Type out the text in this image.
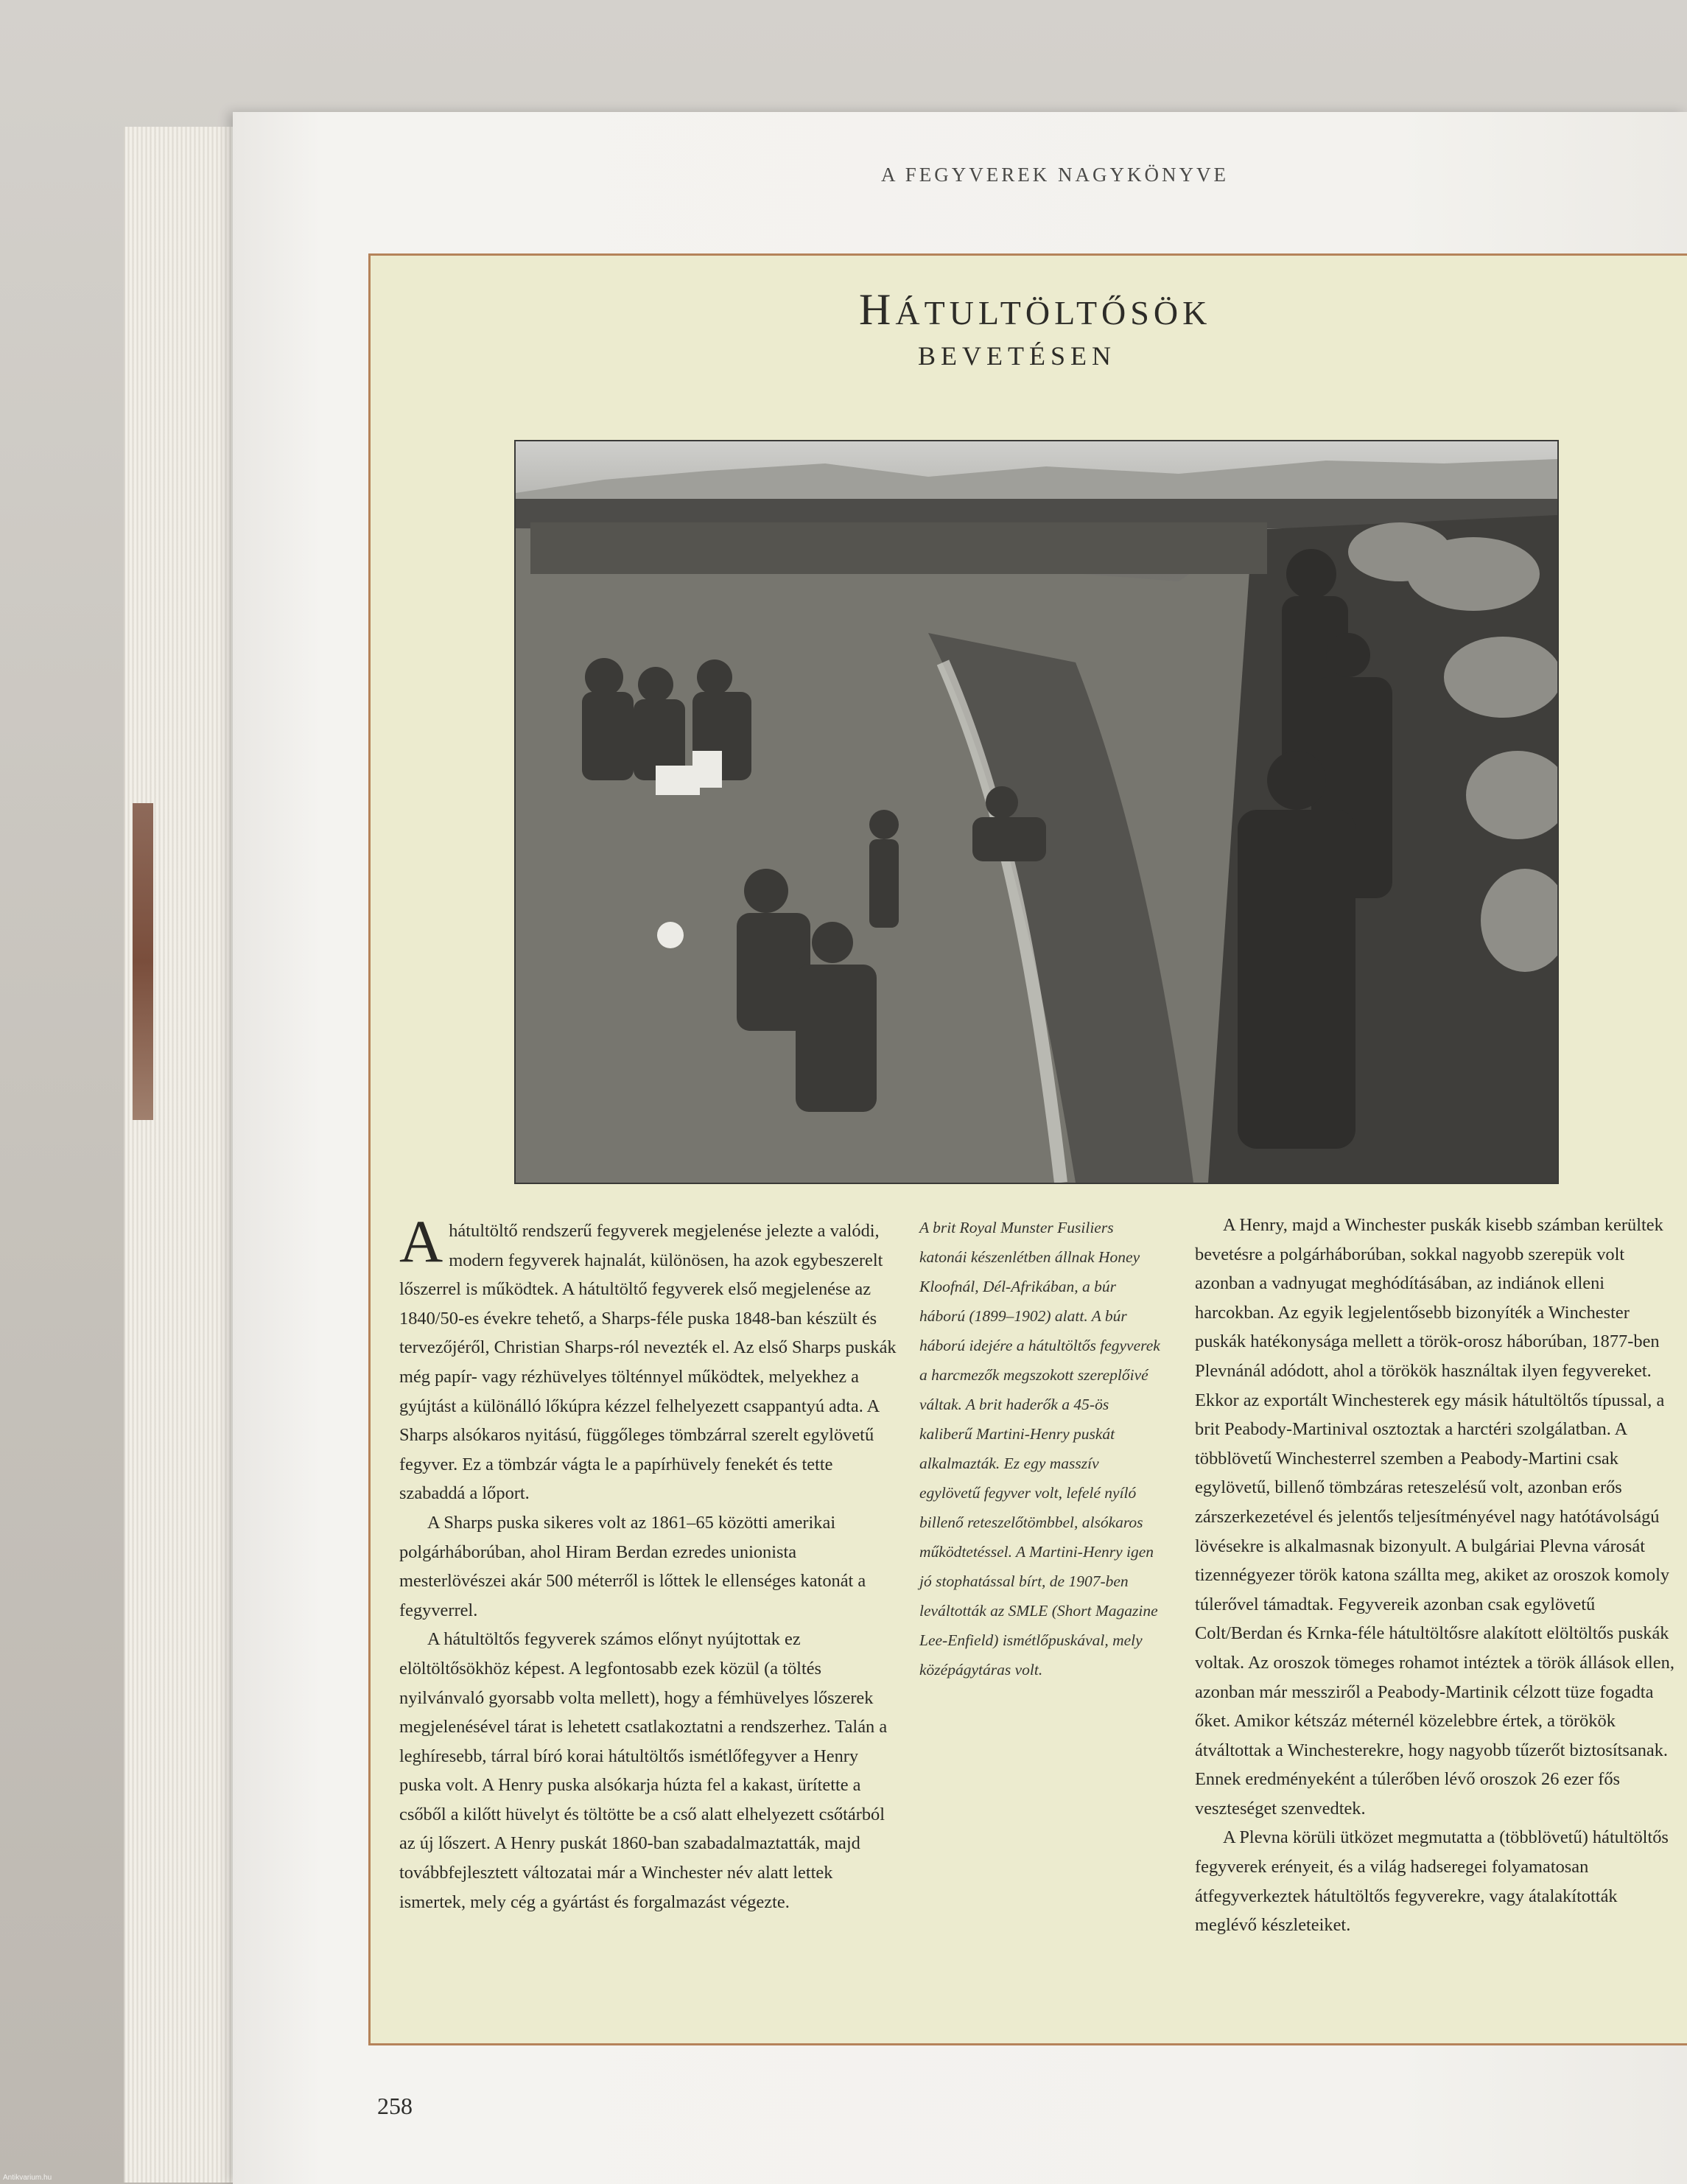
A FEGYVEREK NAGYKÖNYVE
HÁTULTÖLTŐSÖK
BEVETÉSEN

Ahátultöltő rendszerű fegyverek megjelenése jelezte a valódi, modern fegyverek hajnalát, különösen, ha azok egybeszerelt lőszerrel is működtek. A hátultöltő fegyverek első megjelenése az 1840/50-es évekre tehető, a Sharps-féle puska 1848-ban készült és tervezőjéről, Christian Sharps-ról nevezték el. Az első Sharps puskák még papír- vagy rézhüvelyes tölténnyel működtek, melyekhez a gyújtást a különálló lőkúpra kézzel felhelyezett csappantyú adta. A Sharps alsókaros nyitású, függőleges tömbzárral szerelt egylövetű fegyver. Ez a tömbzár vágta le a papírhüvely fenekét és tette szabaddá a lőport.

A Sharps puska sikeres volt az 1861–65 közötti amerikai polgárháborúban, ahol Hiram Berdan ezredes unionista mesterlövészei akár 500 méterről is lőttek le ellenséges katonát a fegyverrel.

A hátultöltős fegyverek számos előnyt nyújtottak ez elöltöltősökhöz képest. A legfontosabb ezek közül (a töltés nyilvánvaló gyorsabb volta mellett), hogy a fémhüvelyes lőszerek megjelenésével tárat is lehetett csatlakoztatni a rendszerhez. Talán a leghíresebb, tárral bíró korai hátultöltős ismétlőfegyver a Henry puska volt. A Henry puska alsókarja húzta fel a kakast, ürítette a csőből a kilőtt hüvelyt és töltötte be a cső alatt elhelyezett csőtárból az új lőszert. A Henry puskát 1860-ban szabadalmaztatták, majd továbbfejlesztett változatai már a Winchester név alatt lettek ismertek, mely cég a gyártást és forgalmazást végezte.

A brit Royal Munster Fusiliers katonái készenlétben állnak Honey Kloofnál, Dél-Afrikában, a búr háború (1899–1902) alatt. A búr háború idejére a hátultöltős fegyverek a harcmezők megszokott szereplőivé váltak. A brit haderők a 45-ös kaliberű Martini-Henry puskát alkalmazták. Ez egy masszív egylövetű fegyver volt, lefelé nyíló billenő reteszelőtömbbel, alsókaros működtetéssel. A Martini-Henry igen jó stophatással bírt, de 1907-ben leváltották az SMLE (Short Magazine Lee-Enfield) ismétlőpuskával, mely középágytáras volt.

A Henry, majd a Winchester puskák kisebb számban kerültek bevetésre a polgárháborúban, sokkal nagyobb szerepük volt azonban a vadnyugat meghódításában, az indiánok elleni harcokban. Az egyik legjelentősebb bizonyíték a Winchester puskák hatékonysága mellett a török-orosz háborúban, 1877-ben Plevnánál adódott, ahol a törökök használtak ilyen fegyvereket. Ekkor az exportált Winchesterek egy másik hátultöltős típussal, a brit Peabody-Martinival osztoztak a harctéri szolgálatban. A többlövetű Winchesterrel szemben a Peabody-Martini csak egylövetű, billenő tömbzáras reteszelésű volt, azonban erős zárszerkezetével és jelentős teljesítményével nagy hatótávolságú lövésekre is alkalmasnak bizonyult. A bulgáriai Plevna városát tizennégyezer török katona szállta meg, akiket az oroszok komoly túlerővel támadtak. Fegyvereik azonban csak egylövetű Colt/Berdan és Krnka-féle hátultöltősre alakított elöltöltős puskák voltak. Az oroszok tömeges rohamot intéztek a török állások ellen, azonban már messziről a Peabody-Martinik célzott tüze fogadta őket. Amikor kétszáz méternél közelebbre értek, a törökök átváltottak a Winchesterekre, hogy nagyobb tűzerőt biztosítsanak. Ennek eredményeként a túlerőben lévő oroszok 26 ezer fős veszteséget szenvedtek.

A Plevna körüli ütközet megmutatta a (többlövetű) hátultöltős fegyverek erényeit, és a világ hadseregei folyamatosan átfegyverkeztek hátultöltős fegyverekre, vagy átalakították meglévő készleteiket.

258
Antikvarium.hu
